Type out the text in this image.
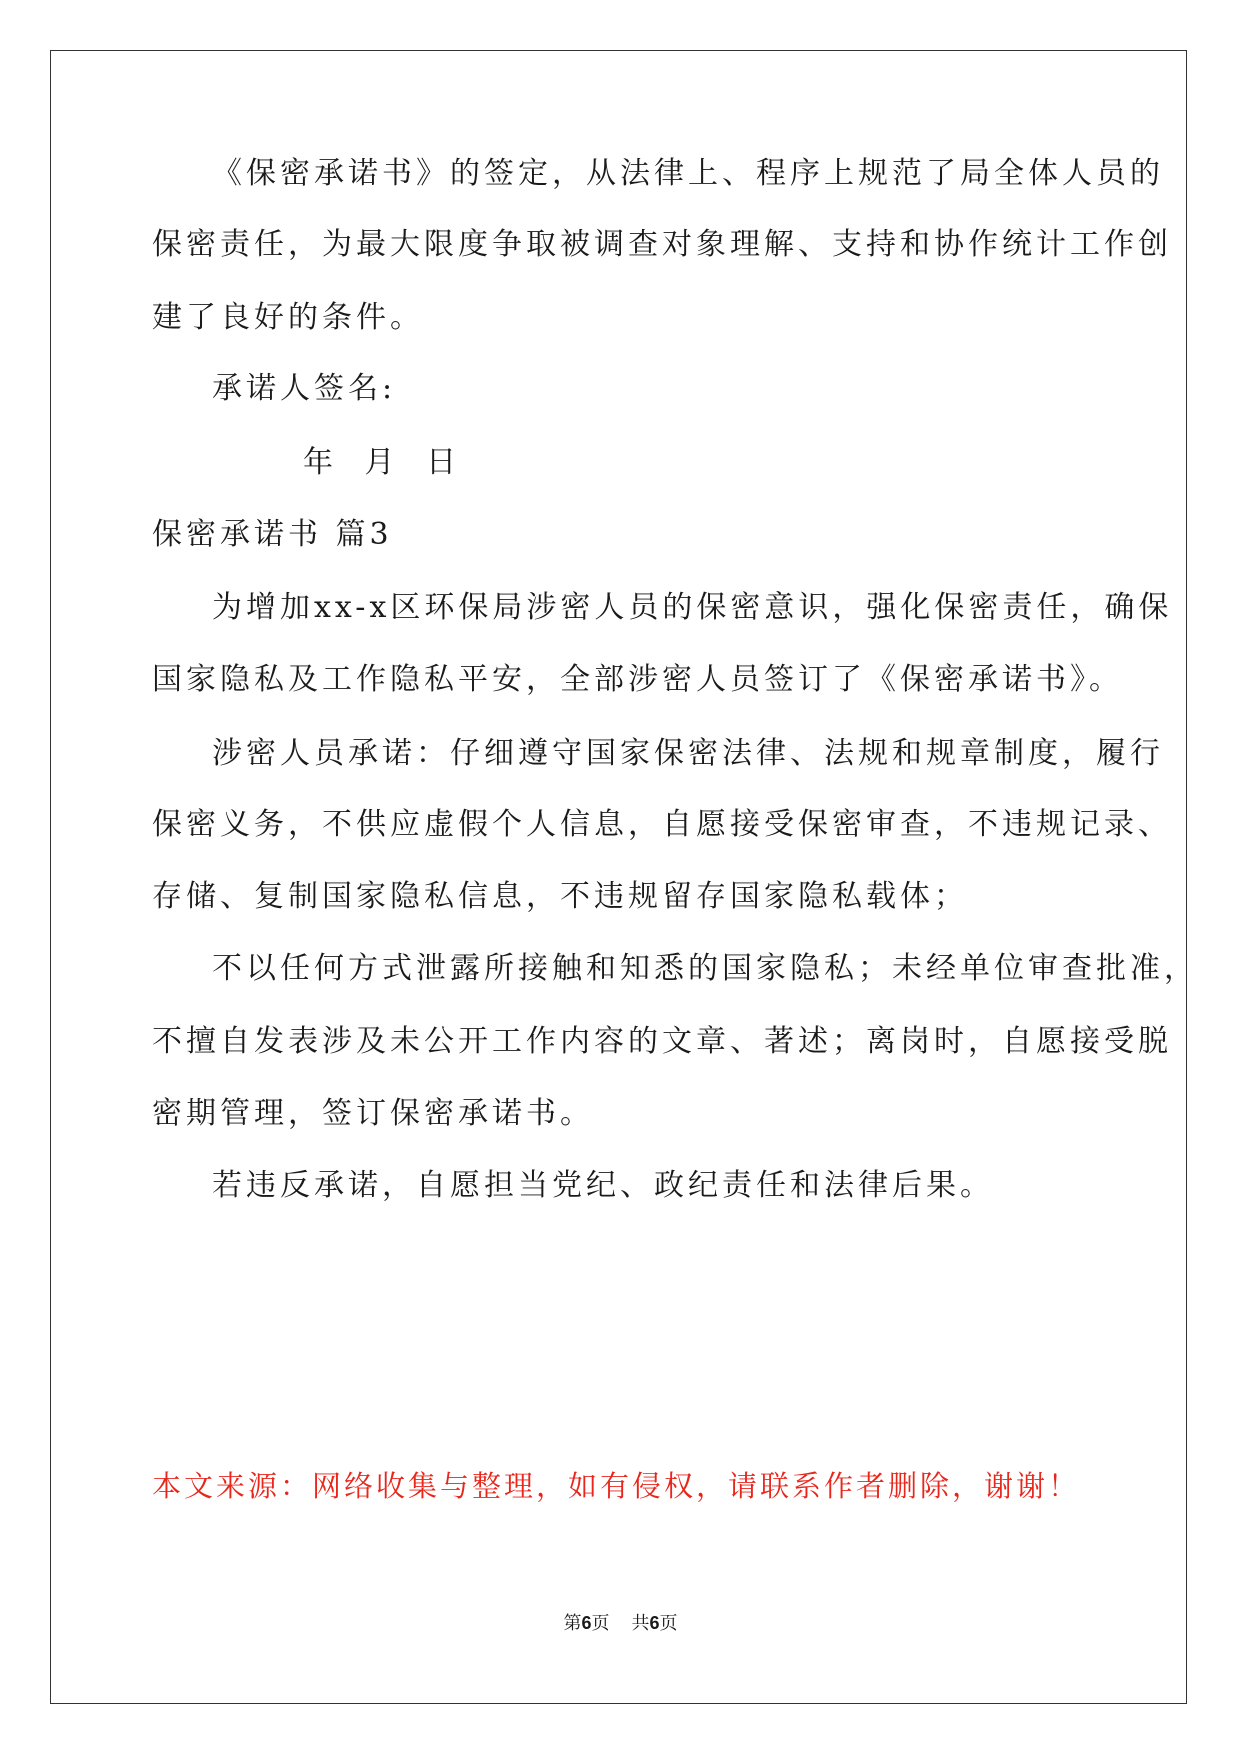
《保密承诺书》的签定，从法律上、程序上规范了局全体人员的
保密责任，为最大限度争取被调查对象理解、支持和协作统计工作创
建了良好的条件。
承诺人签名:
年 月 日
保密承诺书 篇3
为增加xx-x区环保局涉密人员的保密意识，强化保密责任，确保
国家隐私及工作隐私平安，全部涉密人员签订了《保密承诺书》。
涉密人员承诺：仔细遵守国家保密法律、法规和规章制度，履行
保密义务，不供应虚假个人信息，自愿接受保密审查，不违规记录、
存储、复制国家隐私信息，不违规留存国家隐私载体；
不以任何方式泄露所接触和知悉的国家隐私；未经单位审查批准，
不擅自发表涉及未公开工作内容的文章、著述；离岗时，自愿接受脱
密期管理，签订保密承诺书。
若违反承诺，自愿担当党纪、政纪责任和法律后果。
本文来源：网络收集与整理，如有侵权，请联系作者删除，谢谢！
第6页 共6页
